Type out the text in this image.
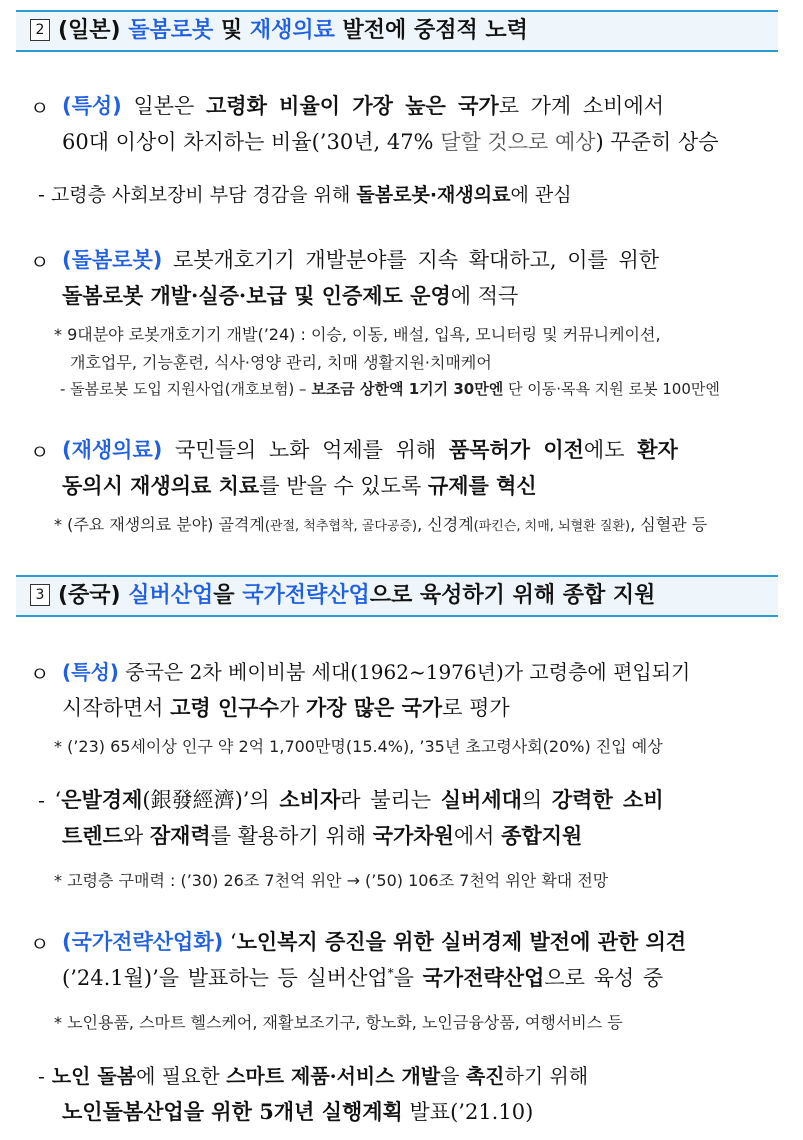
2 (일본) 돌봄로봇 및 재생의료 발전에 중점적 노력
ㅇ (특성) 일본은 고령화 비율이 가장 높은 국가로 가계 소비에서
60대 이상이 차지하는 비율(’30년, 47% 달할 것으로 예상) 꾸준히 상승
- 고령층 사회보장비 부담 경감을 위해 돌봄로봇·재생의료에 관심
ㅇ (돌봄로봇) 로봇개호기기 개발분야를 지속 확대하고, 이를 위한
돌봄로봇 개발·실증·보급 및 인증제도 운영에 적극
* 9대분야 로봇개호기기 개발(’24) : 이승, 이동, 배설, 입욕, 모니터링 및 커뮤니케이션,
개호업무, 기능훈련, 식사·영양 관리, 치매 생활지원·치매케어
- 돌봄로봇 도입 지원사업(개호보험) – 보조금 상한액 1기기 30만엔 단 이동·목욕 지원 로봇 100만엔
ㅇ (재생의료) 국민들의 노화 억제를 위해 품목허가 이전에도 환자
동의시 재생의료 치료를 받을 수 있도록 규제를 혁신
* (주요 재생의료 분야) 골격계(관절, 척추협착, 골다공증), 신경계(파킨슨, 치매, 뇌혈환 질환), 심혈관 등
3 (중국) 실버산업을 국가전략산업으로 육성하기 위해 종합 지원
ㅇ (특성) 중국은 2차 베이비붐 세대(1962~1976년)가 고령층에 편입되기
시작하면서 고령 인구수가 가장 많은 국가로 평가
* (’23) 65세이상 인구 약 2억 1,700만명(15.4%), ’35년 초고령사회(20%) 진입 예상
- ‘은발경제(銀發經濟)’의 소비자라 불리는 실버세대의 강력한 소비
트렌드와 잠재력를 활용하기 위해 국가차원에서 종합지원
* 고령층 구매력 : (’30) 26조 7천억 위안 → (’50) 106조 7천억 위안 확대 전망
ㅇ (국가전략산업화) ‘노인복지 증진을 위한 실버경제 발전에 관한 의견
(’24.1월)’을 발표하는 등 실버산업*을 국가전략산업으로 육성 중
* 노인용품, 스마트 헬스케어, 재활보조기구, 항노화, 노인금융상품, 여행서비스 등
- 노인 돌봄에 필요한 스마트 제품·서비스 개발을 촉진하기 위해
노인돌봄산업을 위한 5개년 실행계획 발표(’21.10)
